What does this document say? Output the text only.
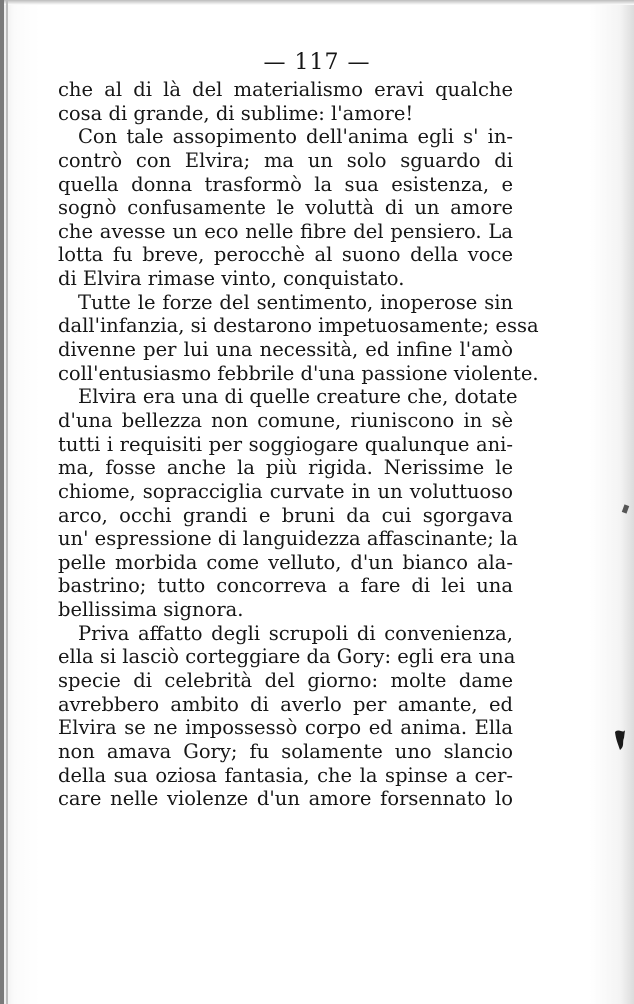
— 117 —
che al di là del materialismo eravi qualche
cosa di grande, di sublime: l'amore!
Con tale assopimento dell'anima egli s' in-
contrò con Elvira; ma un solo sguardo di
quella donna trasformò la sua esistenza, e
sognò confusamente le voluttà di un amore
che avesse un eco nelle fibre del pensiero. La
lotta fu breve, perocchè al suono della voce
di Elvira rimase vinto, conquistato.
Tutte le forze del sentimento, inoperose sin
dall'infanzia, si destarono impetuosamente; essa
divenne per lui una necessità, ed infine l'amò
coll'entusiasmo febbrile d'una passione violente.
Elvira era una di quelle creature che, dotate
d'una bellezza non comune, riuniscono in sè
tutti i requisiti per soggiogare qualunque ani-
ma, fosse anche la più rigida. Nerissime le
chiome, sopracciglia curvate in un voluttuoso
arco, occhi grandi e bruni da cui sgorgava
un' espressione di languidezza affascinante; la
pelle morbida come velluto, d'un bianco ala-
bastrino; tutto concorreva a fare di lei una
bellissima signora.
Priva affatto degli scrupoli di convenienza,
ella si lasciò corteggiare da Gory: egli era una
specie di celebrità del giorno: molte dame
avrebbero ambito di averlo per amante, ed
Elvira se ne impossessò corpo ed anima. Ella
non amava Gory; fu solamente uno slancio
della sua oziosa fantasia, che la spinse a cer-
care nelle violenze d'un amore forsennato lo
